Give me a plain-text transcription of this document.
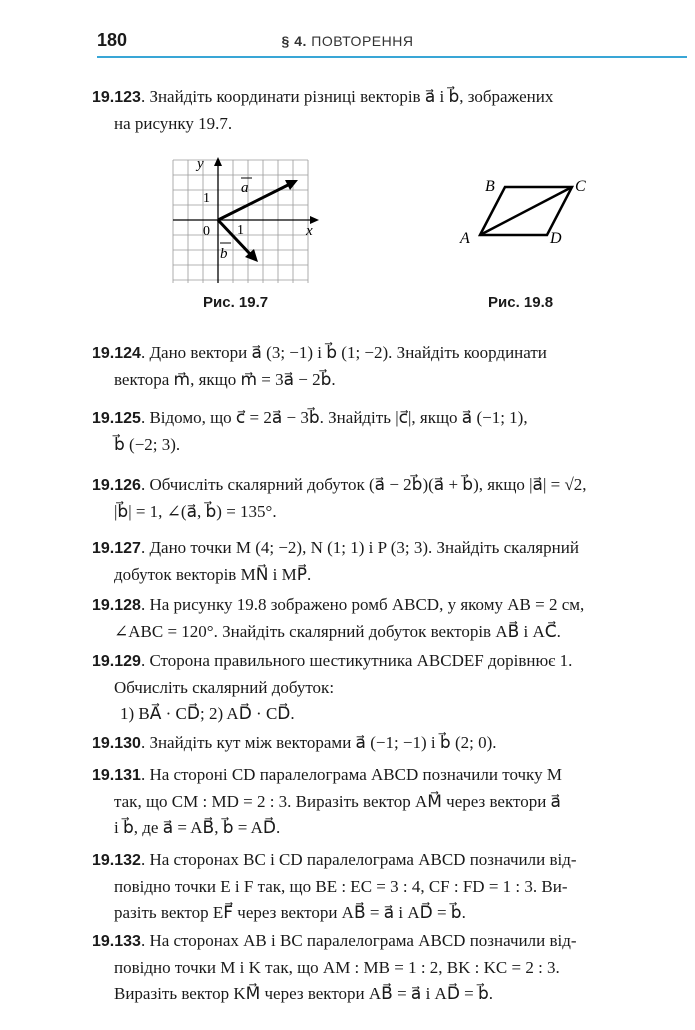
180	§ 4. ПОВТОРЕННЯ
19.123. Знайдіть координати різниці векторів a⃗ і b⃗, зображених
на рисунку 19.7.
y
x
0 1
1
a
b
Рис. 19.7
A
B	C
D
Рис. 19.8
19.124. Дано вектори a⃗ (3; −1) і b⃗ (1; −2). Знайдіть координати
вектора m⃗, якщо m⃗ = 3a⃗ − 2b⃗.
19.125. Відомо, що c⃗ = 2a⃗ − 3b⃗. Знайдіть |c⃗|, якщо a⃗ (−1; 1),
b⃗ (−2; 3).
19.126. Обчисліть скалярний добуток (a⃗ − 2b⃗)(a⃗ + b⃗), якщо |a⃗| = √2,
|b⃗| = 1, ∠(a⃗, b⃗) = 135°.
19.127. Дано точки M (4; −2), N (1; 1) і P (3; 3). Знайдіть скалярний
добуток векторів MN⃗ і MP⃗.
19.128. На рисунку 19.8 зображено ромб ABCD, у якому AB = 2 см,
∠ABC = 120°. Знайдіть скалярний добуток векторів AB⃗ і AC⃗.
19.129. Сторона правильного шестикутника ABCDEF дорівнює 1.
Обчисліть скалярний добуток:
1) BA⃗ · CD⃗; 2) AD⃗ · CD⃗.
19.130. Знайдіть кут між векторами a⃗ (−1; −1) і b⃗ (2; 0).
19.131. На стороні CD паралелограма ABCD позначили точку M
так, що CM : MD = 2 : 3. Виразіть вектор AM⃗ через вектори a⃗
і b⃗, де a⃗ = AB⃗, b⃗ = AD⃗.
19.132. На сторонах BC і CD паралелограма ABCD позначили від-
повідно точки E і F так, що BE : EC = 3 : 4, CF : FD = 1 : 3. Ви-
разіть вектор EF⃗ через вектори AB⃗ = a⃗ і AD⃗ = b⃗.
19.133. На сторонах AB і BC паралелограма ABCD позначили від-
повідно точки M і K так, що AM : MB = 1 : 2, BK : KC = 2 : 3.
Виразіть вектор KM⃗ через вектори AB⃗ = a⃗ і AD⃗ = b⃗.
